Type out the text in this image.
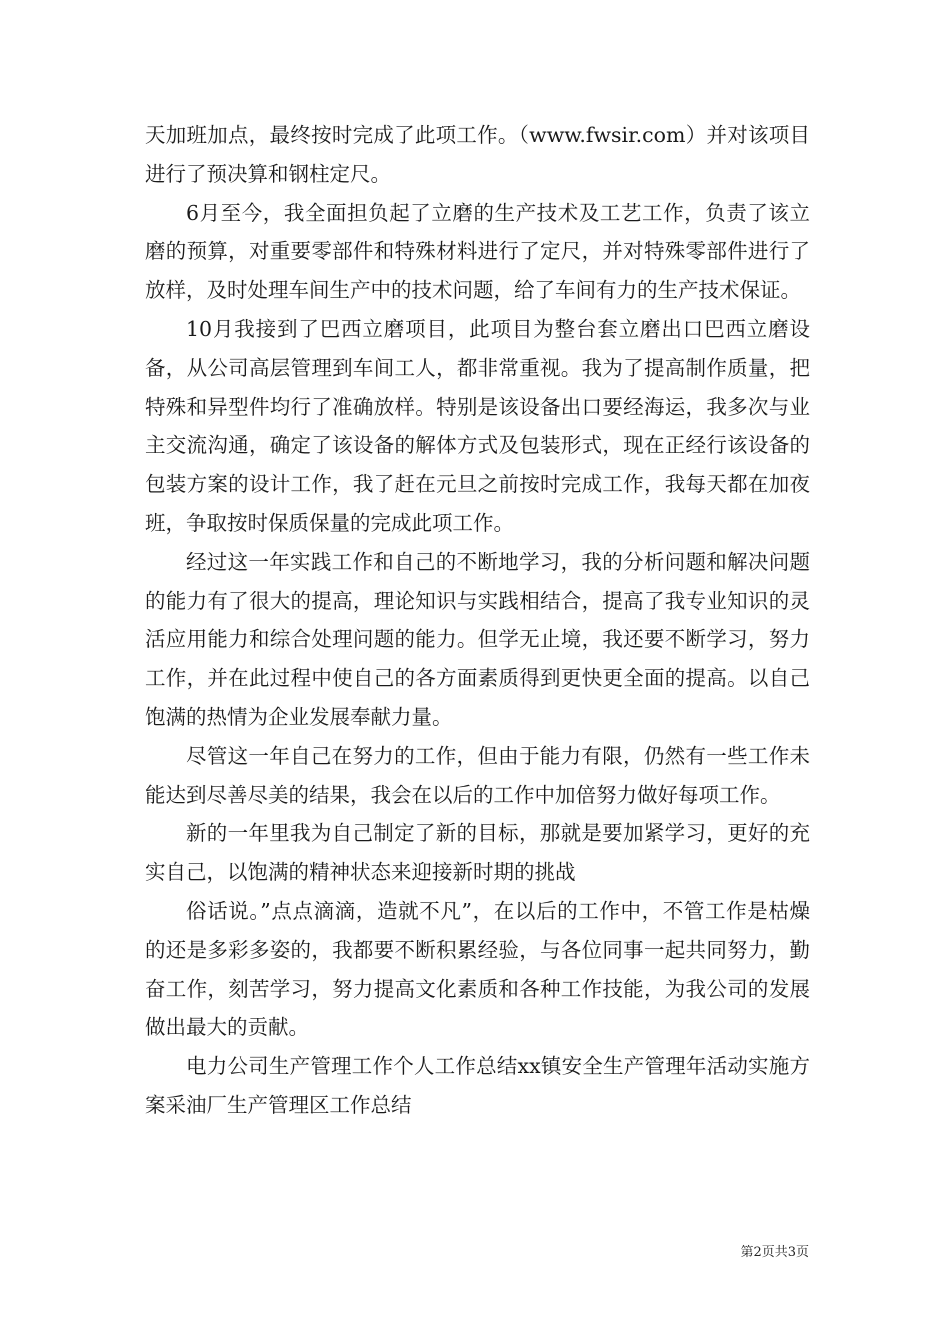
天加班加点，最终按时完成了此项工作。（www.fwsir.com）并对该项目进行了预决算和钢柱定尺。

6月至今，我全面担负起了立磨的生产技术及工艺工作，负责了该立磨的预算，对重要零部件和特殊材料进行了定尺，并对特殊零部件进行了放样，及时处理车间生产中的技术问题，给了车间有力的生产技术保证。

10月我接到了巴西立磨项目，此项目为整台套立磨出口巴西立磨设备，从公司高层管理到车间工人，都非常重视。我为了提高制作质量，把特殊和异型件均行了准确放样。特别是该设备出口要经海运，我多次与业主交流沟通，确定了该设备的解体方式及包装形式，现在正经行该设备的包装方案的设计工作，我了赶在元旦之前按时完成工作，我每天都在加夜班，争取按时保质保量的完成此项工作。

经过这一年实践工作和自己的不断地学习，我的分析问题和解决问题的能力有了很大的提高，理论知识与实践相结合，提高了我专业知识的灵活应用能力和综合处理问题的能力。但学无止境，我还要不断学习，努力工作，并在此过程中使自己的各方面素质得到更快更全面的提高。以自己饱满的热情为企业发展奉献力量。

尽管这一年自己在努力的工作，但由于能力有限，仍然有一些工作未能达到尽善尽美的结果，我会在以后的工作中加倍努力做好每项工作。

新的一年里我为自己制定了新的目标，那就是要加紧学习，更好的充实自己，以饱满的精神状态来迎接新时期的挑战

俗话说。”点点滴滴，造就不凡”，在以后的工作中，不管工作是枯燥的还是多彩多姿的，我都要不断积累经验，与各位同事一起共同努力，勤奋工作，刻苦学习，努力提高文化素质和各种工作技能，为我公司的发展做出最大的贡献。

电力公司生产管理工作个人工作总结xx镇安全生产管理年活动实施方案采油厂生产管理区工作总结

第2页共3页
